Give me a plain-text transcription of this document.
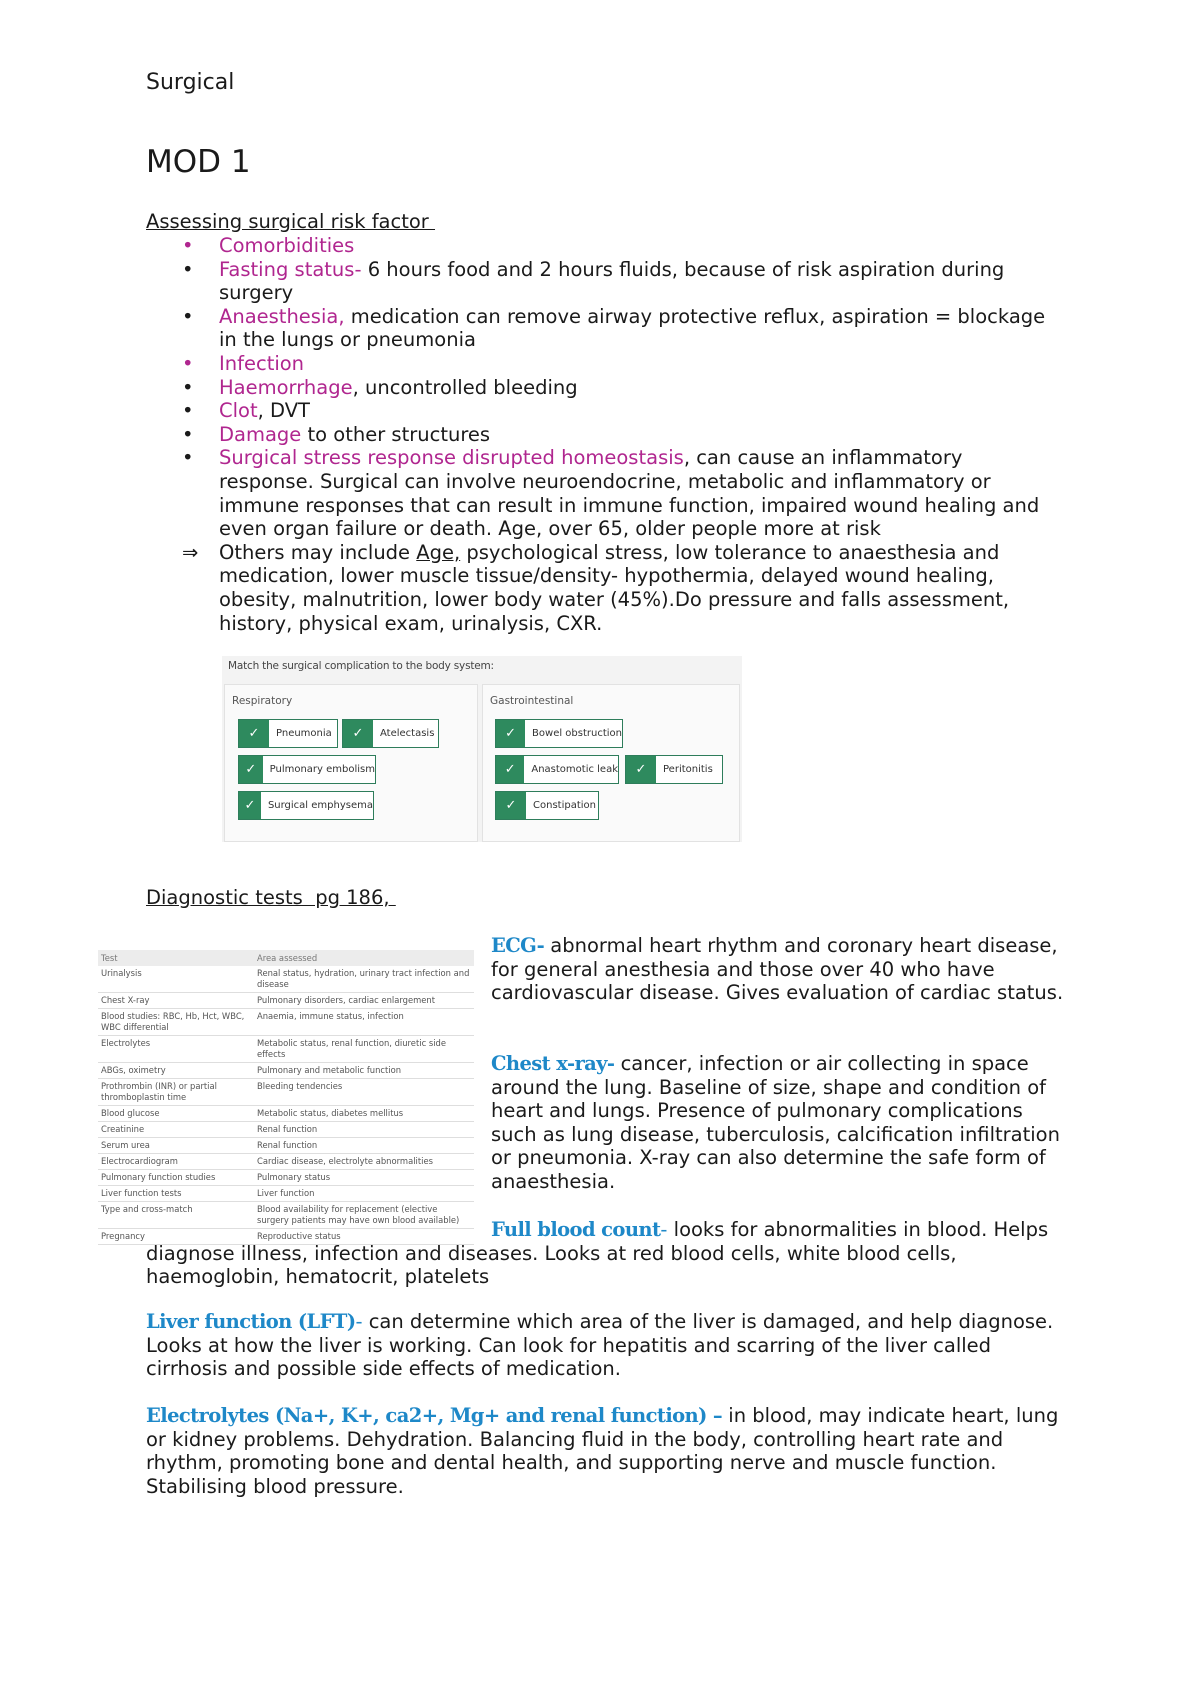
Surgical
MOD 1
Assessing surgical risk factor
•	Comorbidities
•	Fasting status- 6 hours food and 2 hours fluids, because of risk aspiration during surgery
•	Anaesthesia, medication can remove airway protective reflux, aspiration = blockage in the lungs or pneumonia
•	Infection
•	Haemorrhage, uncontrolled bleeding
•	Clot, DVT
•	Damage to other structures
•	Surgical stress response disrupted homeostasis, can cause an inflammatory response. Surgical can involve neuroendocrine, metabolic and inflammatory or immune responses that can result in immune function, impaired wound healing and even organ failure or death. Age, over 65, older people more at risk
⇒ Others may include Age, psychological stress, low tolerance to anaesthesia and medication, lower muscle tissue/density- hypothermia, delayed wound healing, obesity, malnutrition, lower body water (45%).Do pressure and falls assessment, history, physical exam, urinalysis, CXR.
Match the surgical complication to the body system:
Respiratory
✓	Pneumonia	✓	Atelectasis
✓	Pulmonary embolism
✓	Surgical emphysema
Gastrointestinal
✓	Bowel obstruction
✓	Anastomotic leak	✓	Peritonitis
✓	Constipation
Diagnostic tests  pg 186,
Test	Area assessed
Urinalysis	Renal status, hydration, urinary tract infection and disease
Chest X-ray	Pulmonary disorders, cardiac enlargement
Blood studies: RBC, Hb, Hct, WBC, WBC differential	Anaemia, immune status, infection
Electrolytes	Metabolic status, renal function, diuretic side effects
ABGs, oximetry	Pulmonary and metabolic function
Prothrombin (INR) or partial thromboplastin time	Bleeding tendencies
Blood glucose	Metabolic status, diabetes mellitus
Creatinine	Renal function
Serum urea	Renal function
Electrocardiogram	Cardiac disease, electrolyte abnormalities
Pulmonary function studies	Pulmonary status
Liver function tests	Liver function
Type and cross-match	Blood availability for replacement (elective surgery patients may have own blood available)
Pregnancy	Reproductive status
ECG- abnormal heart rhythm and coronary heart disease, for general anesthesia and those over 40 who have cardiovascular disease. Gives evaluation of cardiac status.
Chest x-ray- cancer, infection or air collecting in space around the lung. Baseline of size, shape and condition of heart and lungs. Presence of pulmonary complications such as lung disease, tuberculosis, calcification infiltration or pneumonia. X-ray can also determine the safe form of anaesthesia.
Full blood count- looks for abnormalities in blood. Helps diagnose illness, infection and diseases. Looks at red blood cells, white blood cells, haemoglobin, hematocrit, platelets
Liver function (LFT)- can determine which area of the liver is damaged, and help diagnose. Looks at how the liver is working. Can look for hepatitis and scarring of the liver called cirrhosis and possible side effects of medication.
Electrolytes (Na+, K+, ca2+, Mg+ and renal function) – in blood, may indicate heart, lung or kidney problems. Dehydration. Balancing fluid in the body, controlling heart rate and rhythm, promoting bone and dental health, and supporting nerve and muscle function. Stabilising blood pressure.
